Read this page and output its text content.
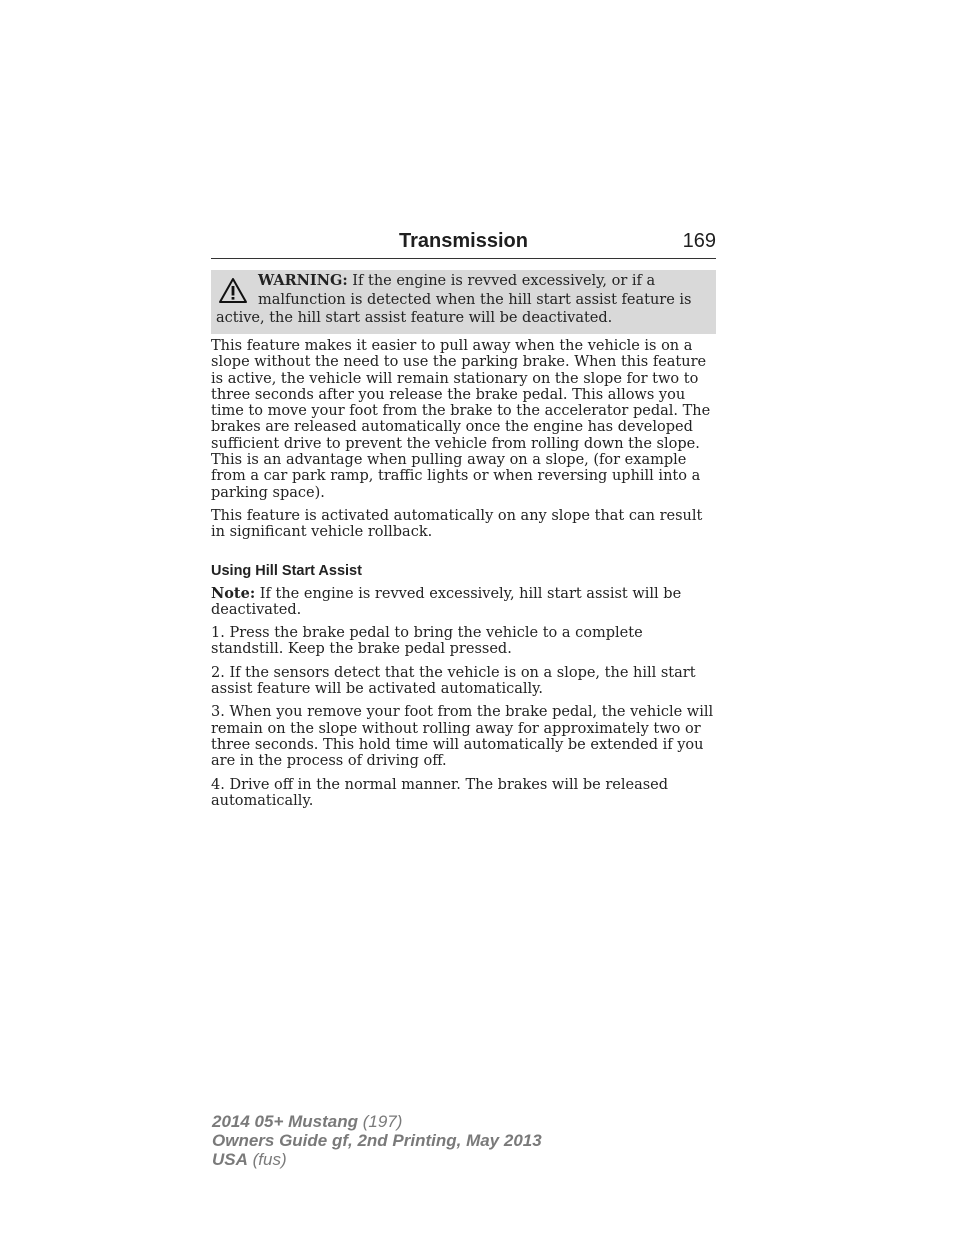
Transmission	169
WARNING: If the engine is revved excessively, or if a malfunction is detected when the hill start assist feature is active, the hill start assist feature will be deactivated.

This feature makes it easier to pull away when the vehicle is on a slope without the need to use the parking brake. When this feature is active, the vehicle will remain stationary on the slope for two to three seconds after you release the brake pedal. This allows you time to move your foot from the brake to the accelerator pedal. The brakes are released automatically once the engine has developed sufficient drive to prevent the vehicle from rolling down the slope. This is an advantage when pulling away on a slope, (for example from a car park ramp, traffic lights or when reversing uphill into a parking space).

This feature is activated automatically on any slope that can result in significant vehicle rollback.

Using Hill Start Assist

Note: If the engine is revved excessively, hill start assist will be deactivated.

1. Press the brake pedal to bring the vehicle to a complete standstill. Keep the brake pedal pressed.

2. If the sensors detect that the vehicle is on a slope, the hill start assist feature will be activated automatically.

3. When you remove your foot from the brake pedal, the vehicle will remain on the slope without rolling away for approximately two or three seconds. This hold time will automatically be extended if you are in the process of driving off.

4. Drive off in the normal manner. The brakes will be released automatically.

2014 05+ Mustang (197)
Owners Guide gf, 2nd Printing, May 2013
USA (fus)
